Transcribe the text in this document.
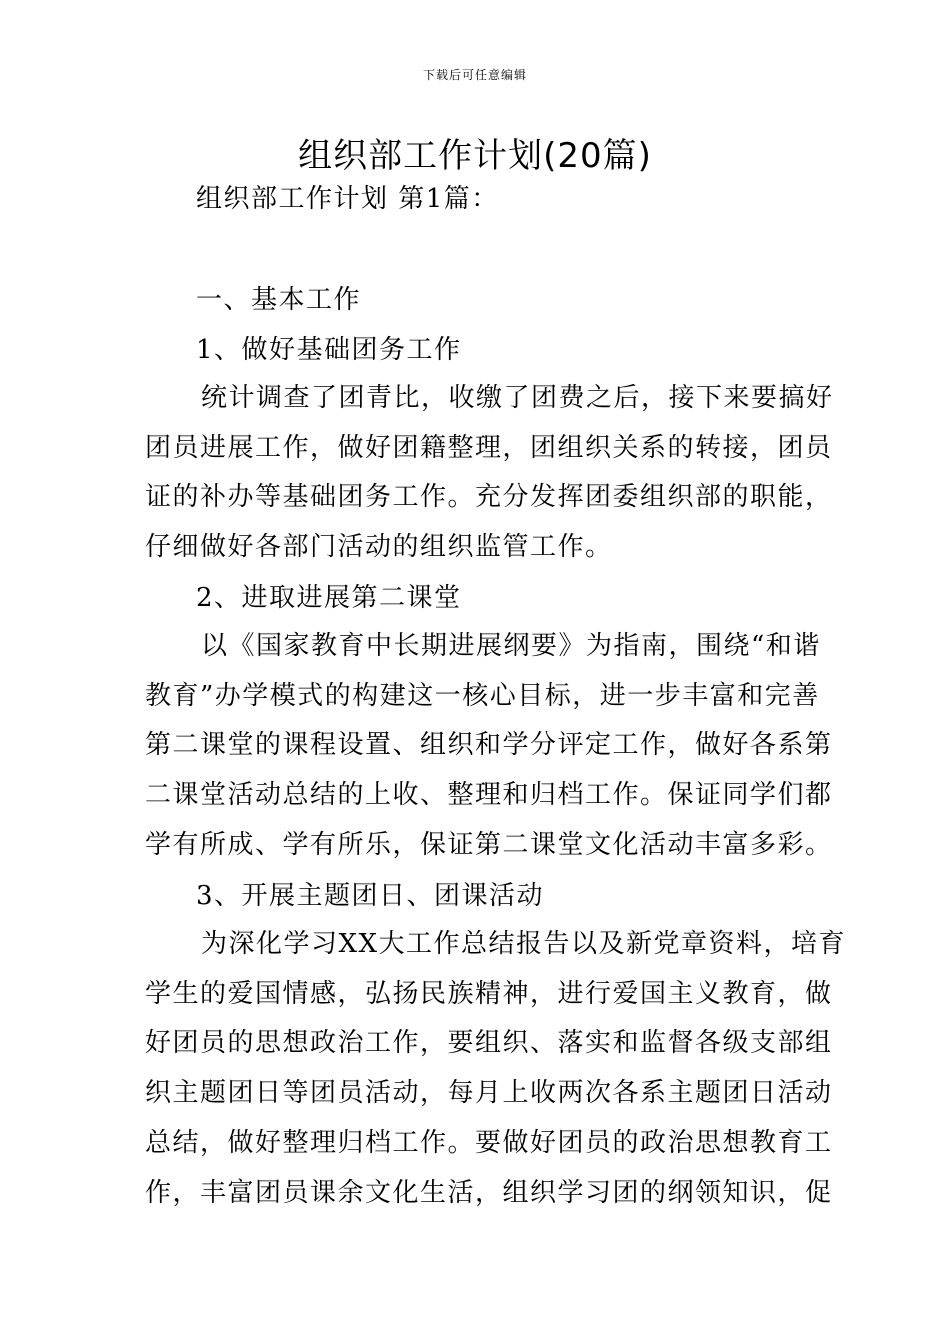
下载后可任意编辑
组织部工作计划(20篇)
组织部工作计划 第1篇：
一、基本工作
1、做好基础团务工作
统计调查了团青比，收缴了团费之后，接下来要搞好
团员进展工作，做好团籍整理，团组织关系的转接，团员
证的补办等基础团务工作。充分发挥团委组织部的职能，
仔细做好各部门活动的组织监管工作。
2、进取进展第二课堂
以《国家教育中长期进展纲要》为指南，围绕“和谐
教育”办学模式的构建这一核心目标，进一步丰富和完善
第二课堂的课程设置、组织和学分评定工作，做好各系第
二课堂活动总结的上收、整理和归档工作。保证同学们都
学有所成、学有所乐，保证第二课堂文化活动丰富多彩。
3、开展主题团日、团课活动
为深化学习XX大工作总结报告以及新党章资料，培育
学生的爱国情感，弘扬民族精神，进行爱国主义教育，做
好团员的思想政治工作，要组织、落实和监督各级支部组
织主题团日等团员活动，每月上收两次各系主题团日活动
总结，做好整理归档工作。要做好团员的政治思想教育工
作，丰富团员课余文化生活，组织学习团的纲领知识，促
